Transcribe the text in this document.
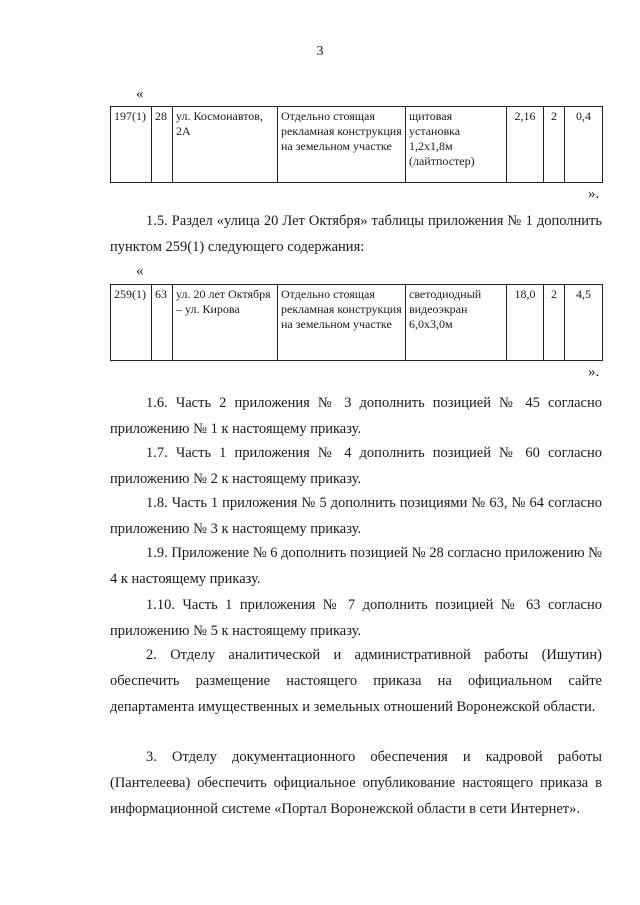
3
«
197(1)	28	ул. Космонавтов, 2А	Отдельно стоящая рекламная конструкция на земельном участке	щитовая установка 1,2х1,8м (лайтпостер)	2,16	2	0,4
».
1.5. Раздел «улица 20 Лет Октября» таблицы приложения № 1 дополнить пунктом 259(1) следующего содержания:
«
259(1)	63	ул. 20 лет Октября – ул. Кирова	Отдельно стоящая рекламная конструкция на земельном участке	светодиодный видеоэкран 6,0х3,0м	18,0	2	4,5
».
1.6. Часть 2 приложения № 3 дополнить позицией № 45 согласно приложению № 1 к настоящему приказу.
1.7. Часть 1 приложения № 4 дополнить позицией № 60 согласно приложению № 2 к настоящему приказу.
1.8. Часть 1 приложения № 5 дополнить позициями № 63, № 64 согласно приложению № 3 к настоящему приказу.
1.9. Приложение № 6 дополнить позицией № 28 согласно приложению № 4 к настоящему приказу.
1.10. Часть 1 приложения № 7 дополнить позицией № 63 согласно приложению № 5 к настоящему приказу.
2. Отделу аналитической и административной работы (Ишутин) обеспечить размещение настоящего приказа на официальном сайте департамента имущественных и земельных отношений Воронежской области.
3. Отделу документационного обеспечения и кадровой работы (Пантелеева) обеспечить официальное опубликование настоящего приказа в информационной системе «Портал Воронежской области в сети Интернет».
